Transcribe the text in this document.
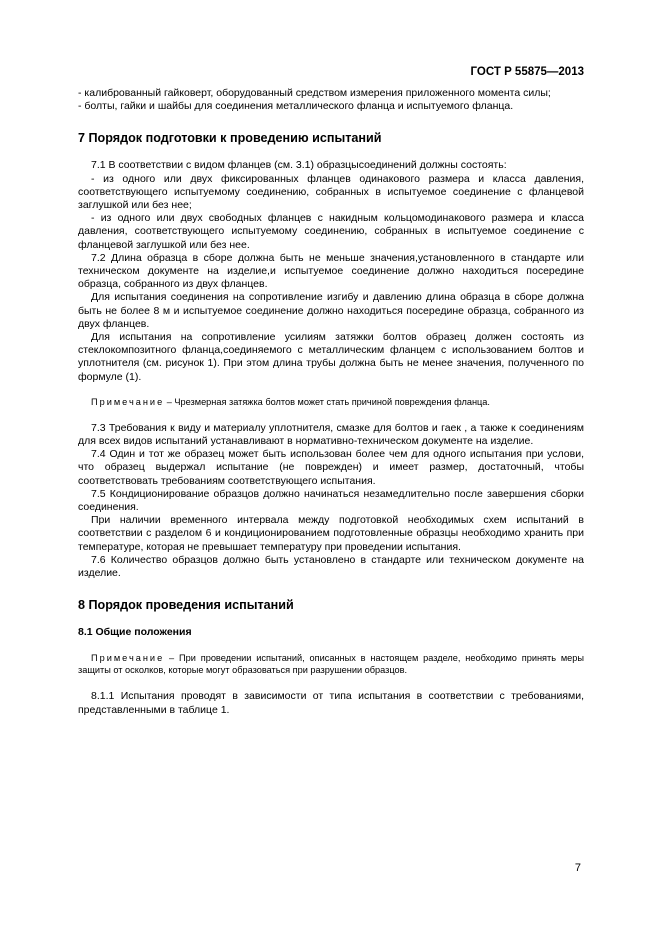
ГОСТ Р 55875—2013

- калиброванный гайковерт, оборудованный средством измерения приложенного момента силы;

- болты, гайки и шайбы для соединения металлического фланца и испытуемого фланца.

7 Порядок подготовки к проведению испытаний

7.1 В соответствии с видом фланцев (см. 3.1) образцысоединений должны состоять:

- из одного или двух фиксированных фланцев одинакового размера и класса давления, соответствующего испытуемому соединению, собранных в испытуемое соединение с фланцевой заглушкой или без нее;

- из одного или двух свободных фланцев с накидным кольцомодинакового размера и класса давления, соответствующего испытуемому соединению, собранных в испытуемое соединение с фланцевой заглушкой или без нее.

7.2 Длина образца в сборе должна быть не меньше значения,установленного в стандарте или техническом документе на изделие,и испытуемое соединение должно находиться посередине образца, собранного из двух фланцев.

Для испытания соединения на сопротивление изгибу и давлению длина образца в сборе должна быть не более 8 м и испытуемое соединение должно находиться посередине образца, собранного из двух фланцев.

Для испытания на сопротивление усилиям затяжки болтов образец должен состоять из стеклокомпозитного фланца,соединяемого с металлическим фланцем с использованием болтов и уплотнителя (см. рисунок 1). При этом длина трубы должна быть не менее значения, полученного по формуле (1).

Примечание – Чрезмерная затяжка болтов может стать причиной повреждения фланца.

7.3 Требования к виду и материалу уплотнителя, смазке для болтов и гаек , а также к соединениям для всех видов испытаний устанавливают в нормативно-техническом документе на изделие.

7.4 Один и тот же образец может быть использован более чем для одного испытания при услови, что образец выдержал испытание (не поврежден) и имеет размер, достаточный, чтобы соответствовать требованиям соответствующего испытания.

7.5 Кондиционирование образцов должно начинаться незамедлительно после завершения сборки соединения.

При наличии временного интервала между подготовкой необходимых схем испытаний в соответствии с разделом 6 и кондиционированием подготовленные образцы необходимо хранить при температуре, которая не превышает температуру при проведении испытания.

7.6 Количество образцов должно быть установлено в стандарте или техническом документе на изделие.

8 Порядок проведения испытаний
8.1 Общие положения
Примечание – При проведении испытаний, описанных в настоящем разделе, необходимо принять меры защиты от осколков, которые могут образоваться при разрушении образцов.

8.1.1 Испытания проводят в зависимости от типа испытания в соответствии с требованиями, представленными в таблице 1.

7
